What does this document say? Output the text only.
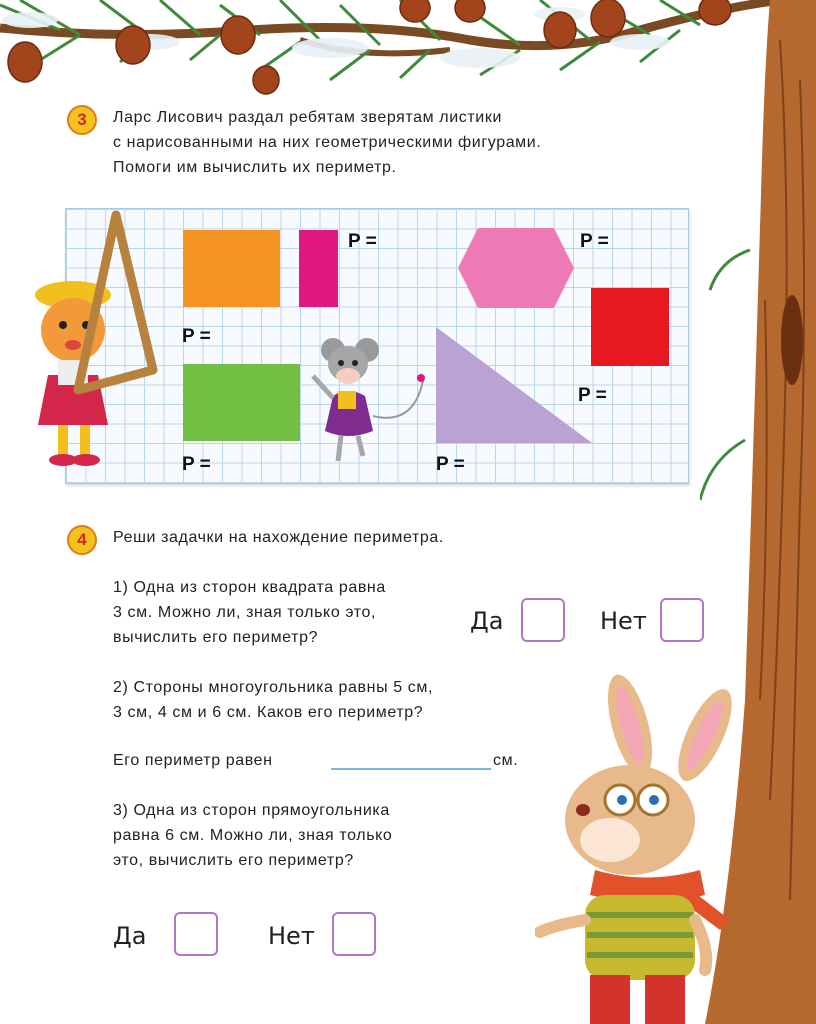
3	Ларс Лисович раздал ребятам зверятам листики
с нарисованными на них геометрическими фигурами.
Помоги им вычислить их периметр.
P =	P =
P =
P =
P =	P =
4	Реши задачки на нахождение периметра.
1) Одна из сторон квадрата равна
3 см. Можно ли, зная только это,
вычислить его периметр?
Да	Нет
2) Стороны многоугольника равны 5 см,
3 см, 4 см и 6 см. Каков его периметр?
Его периметр равен	см.
3) Одна из сторон прямоугольника
равна 6 см. Можно ли, зная только
это, вычислить его периметр?
Да	Нет
